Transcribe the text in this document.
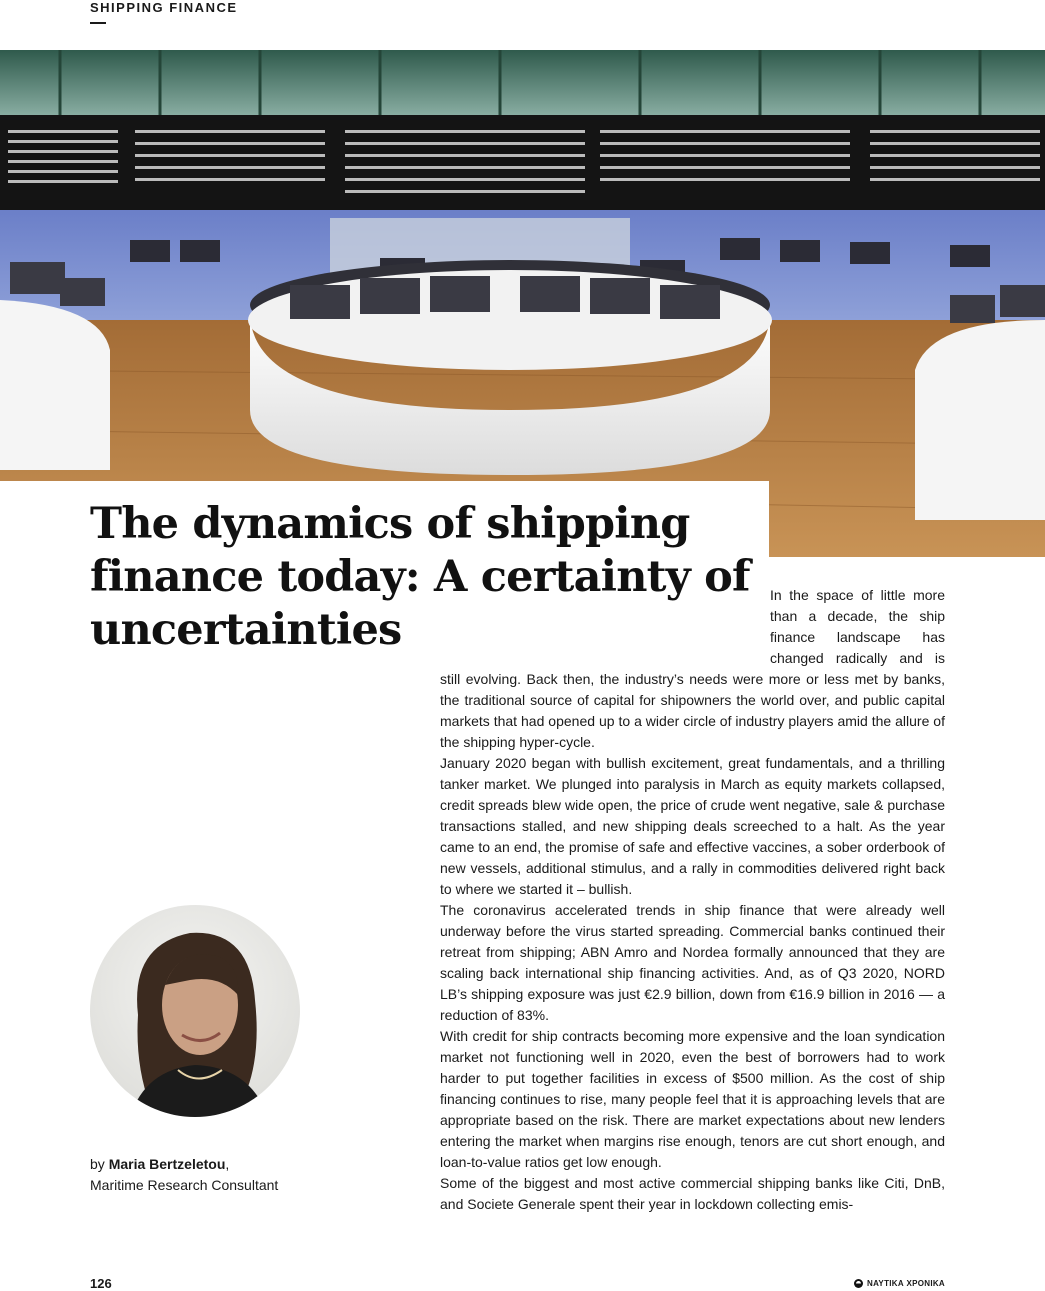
SHIPPING FINANCE
The dynamics of shipping finance today: A certainty of uncertainties

In the space of little more than a decade, the ship finance landscape has changed radically and is

still evolving. Back then, the industry’s needs were more or less met by banks, the traditional source of capital for shipowners the world over, and public capital markets that had opened up to a wider circle of industry players amid the allure of the shipping hyper-cycle.

January 2020 began with bullish excitement, great fundamentals, and a thrilling tanker market. We plunged into paralysis in March as equity markets collapsed, credit spreads blew wide open, the price of crude went negative, sale & purchase transactions stalled, and new shipping deals screeched to a halt. As the year came to an end, the promise of safe and effective vaccines, a sober orderbook of new vessels, additional stimulus, and a rally in commodities delivered right back to where we started it – bullish.

The coronavirus accelerated trends in ship finance that were already well underway before the virus started spreading. Commercial banks continued their retreat from shipping; ABN Amro and Nordea formally announced that they are scaling back international ship financing activities. And, as of Q3 2020, NORD LB’s shipping exposure was just €2.9 billion, down from €16.9 billion in 2016 — a reduction of 83%.

With credit for ship contracts becoming more expensive and the loan syndication market not functioning well in 2020, even the best of borrowers had to work harder to put together facilities in excess of $500 million. As the cost of ship financing continues to rise, many people feel that it is approaching levels that are appropriate based on the risk. There are market expectations about new lenders entering the market when margins rise enough, tenors are cut short enough, and loan-to-value ratios get low enough.

Some of the biggest and most active commercial shipping banks like Citi, DnB, and Societe Generale spent their year in lockdown collecting emis-

by Maria Bertzeletou,
Maritime Research Consultant
126	ΝΑΥΤΙΚΑ ΧΡΟΝΙΚΑ
